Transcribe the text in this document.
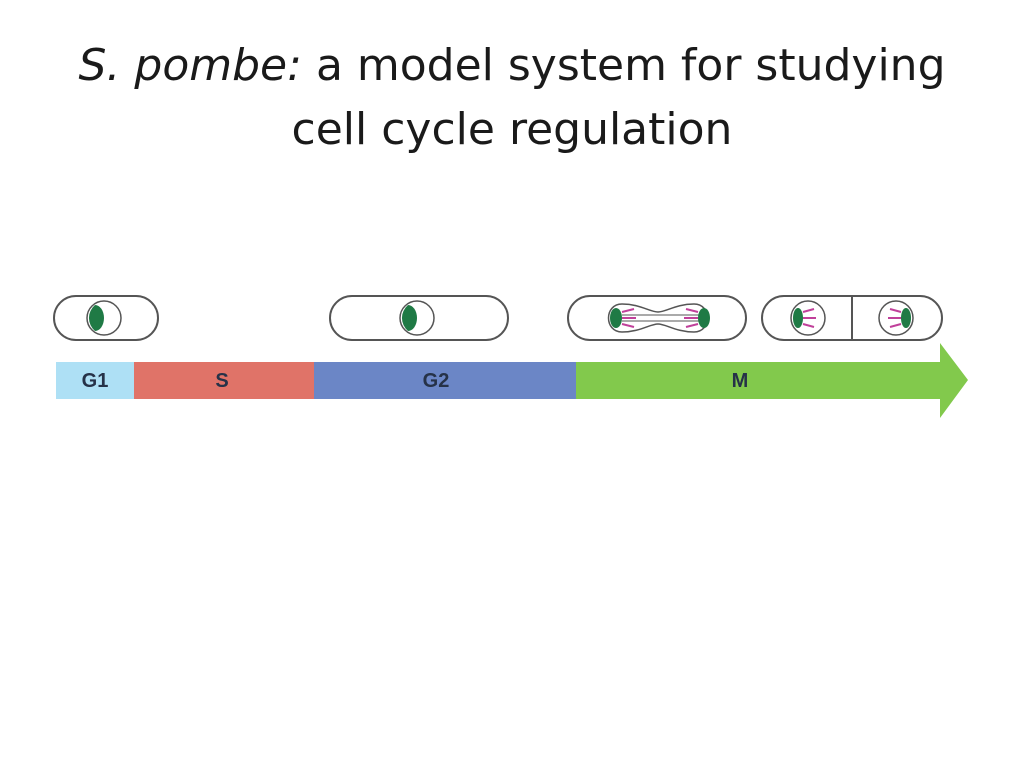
S. pombe: a model system for studying
cell cycle regulation
G1	S	G2	M
